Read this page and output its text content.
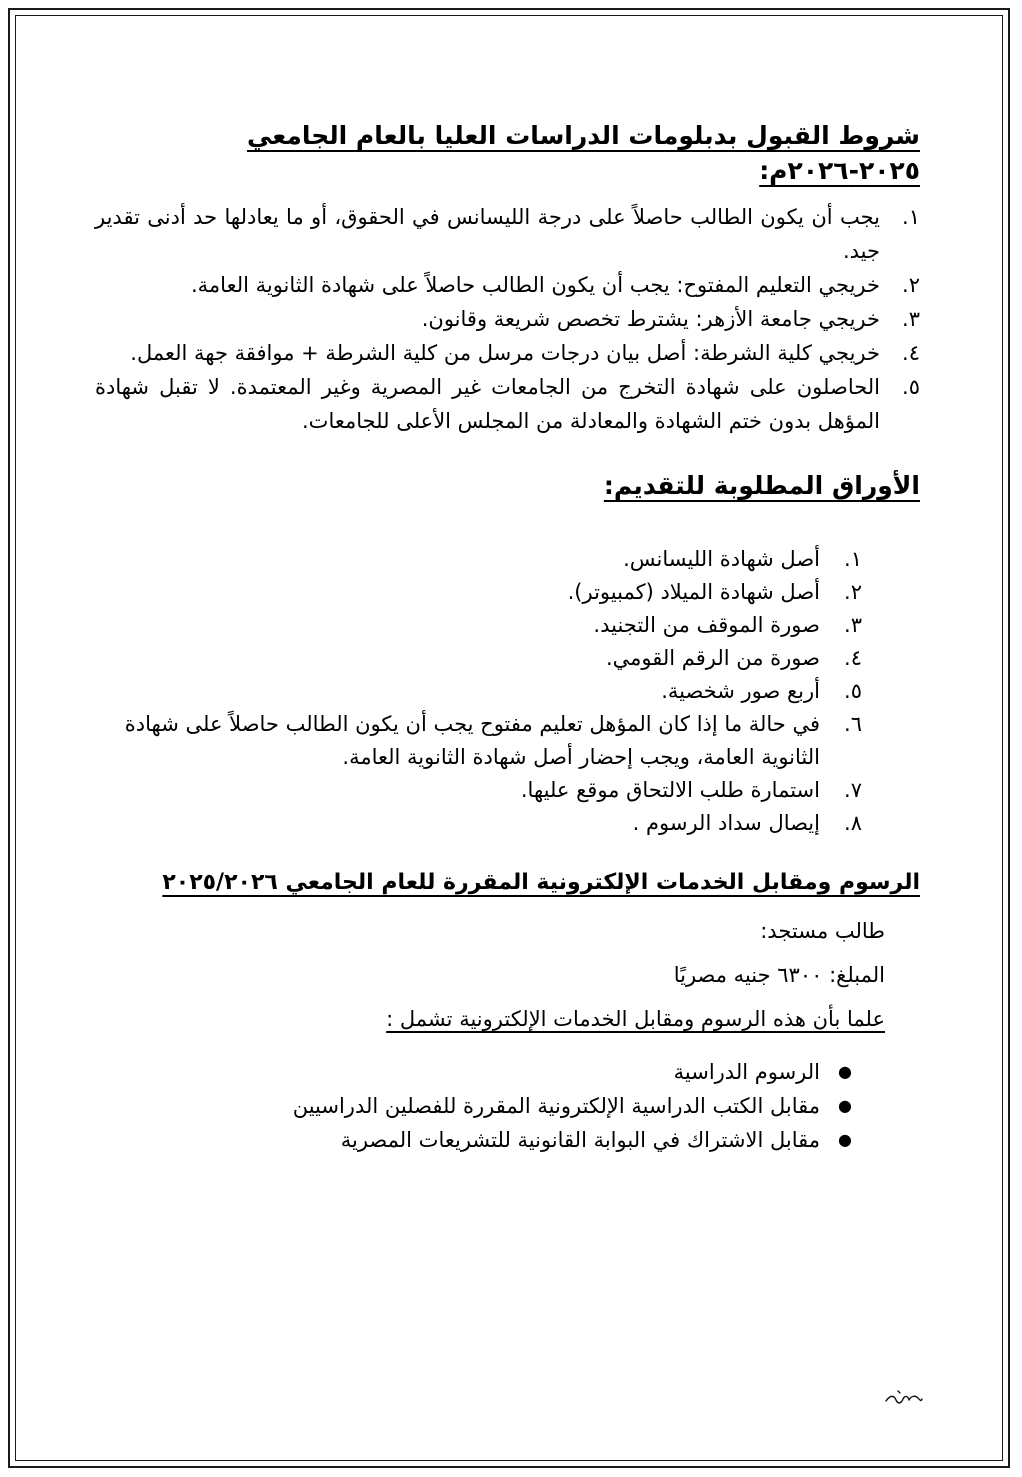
شروط القبول بدبلومات الدراسات العليا بالعام الجامعي ٢٠٢٥-٢٠٢٦م:
١.
يجب أن يكون الطالب حاصلاً على درجة الليسانس في الحقوق، أو ما يعادلها حد أدنى تقدير جيد.
٢.
خريجي التعليم المفتوح: يجب أن يكون الطالب حاصلاً على شهادة الثانوية العامة.
٣.
خريجي جامعة الأزهر: يشترط تخصص شريعة وقانون.
٤.
خريجي كلية الشرطة: أصل بيان درجات مرسل من كلية الشرطة + موافقة جهة العمل.
٥.
الحاصلون على شهادة التخرج من الجامعات غير المصرية وغير المعتمدة. لا تقبل شهادة المؤهل بدون ختم الشهادة والمعادلة من المجلس الأعلى للجامعات.
الأوراق المطلوبة للتقديم:
١.
أصل شهادة الليسانس.
٢.
أصل شهادة الميلاد (كمبيوتر).
٣.
صورة الموقف من التجنيد.
٤.
صورة من الرقم القومي.
٥.
أربع صور شخصية.
٦.
في حالة ما إذا كان المؤهل تعليم مفتوح يجب أن يكون الطالب حاصلاً على شهادة الثانوية العامة، ويجب إحضار أصل شهادة الثانوية العامة.
٧.
استمارة طلب الالتحاق موقع عليها.
٨.
إيصال سداد الرسوم .
الرسوم ومقابل الخدمات الإلكترونية المقررة للعام الجامعي ٢٠٢٥/٢٠٢٦
طالب مستجد:
المبلغ: ٦٣٠٠ جنيه مصريًا
علما بأن هذه الرسوم ومقابل الخدمات الإلكترونية تشمل :
●
الرسوم الدراسية
●
مقابل الكتب الدراسية الإلكترونية المقررة للفصلين الدراسيين
●
مقابل الاشتراك في البوابة القانونية للتشريعات المصرية
